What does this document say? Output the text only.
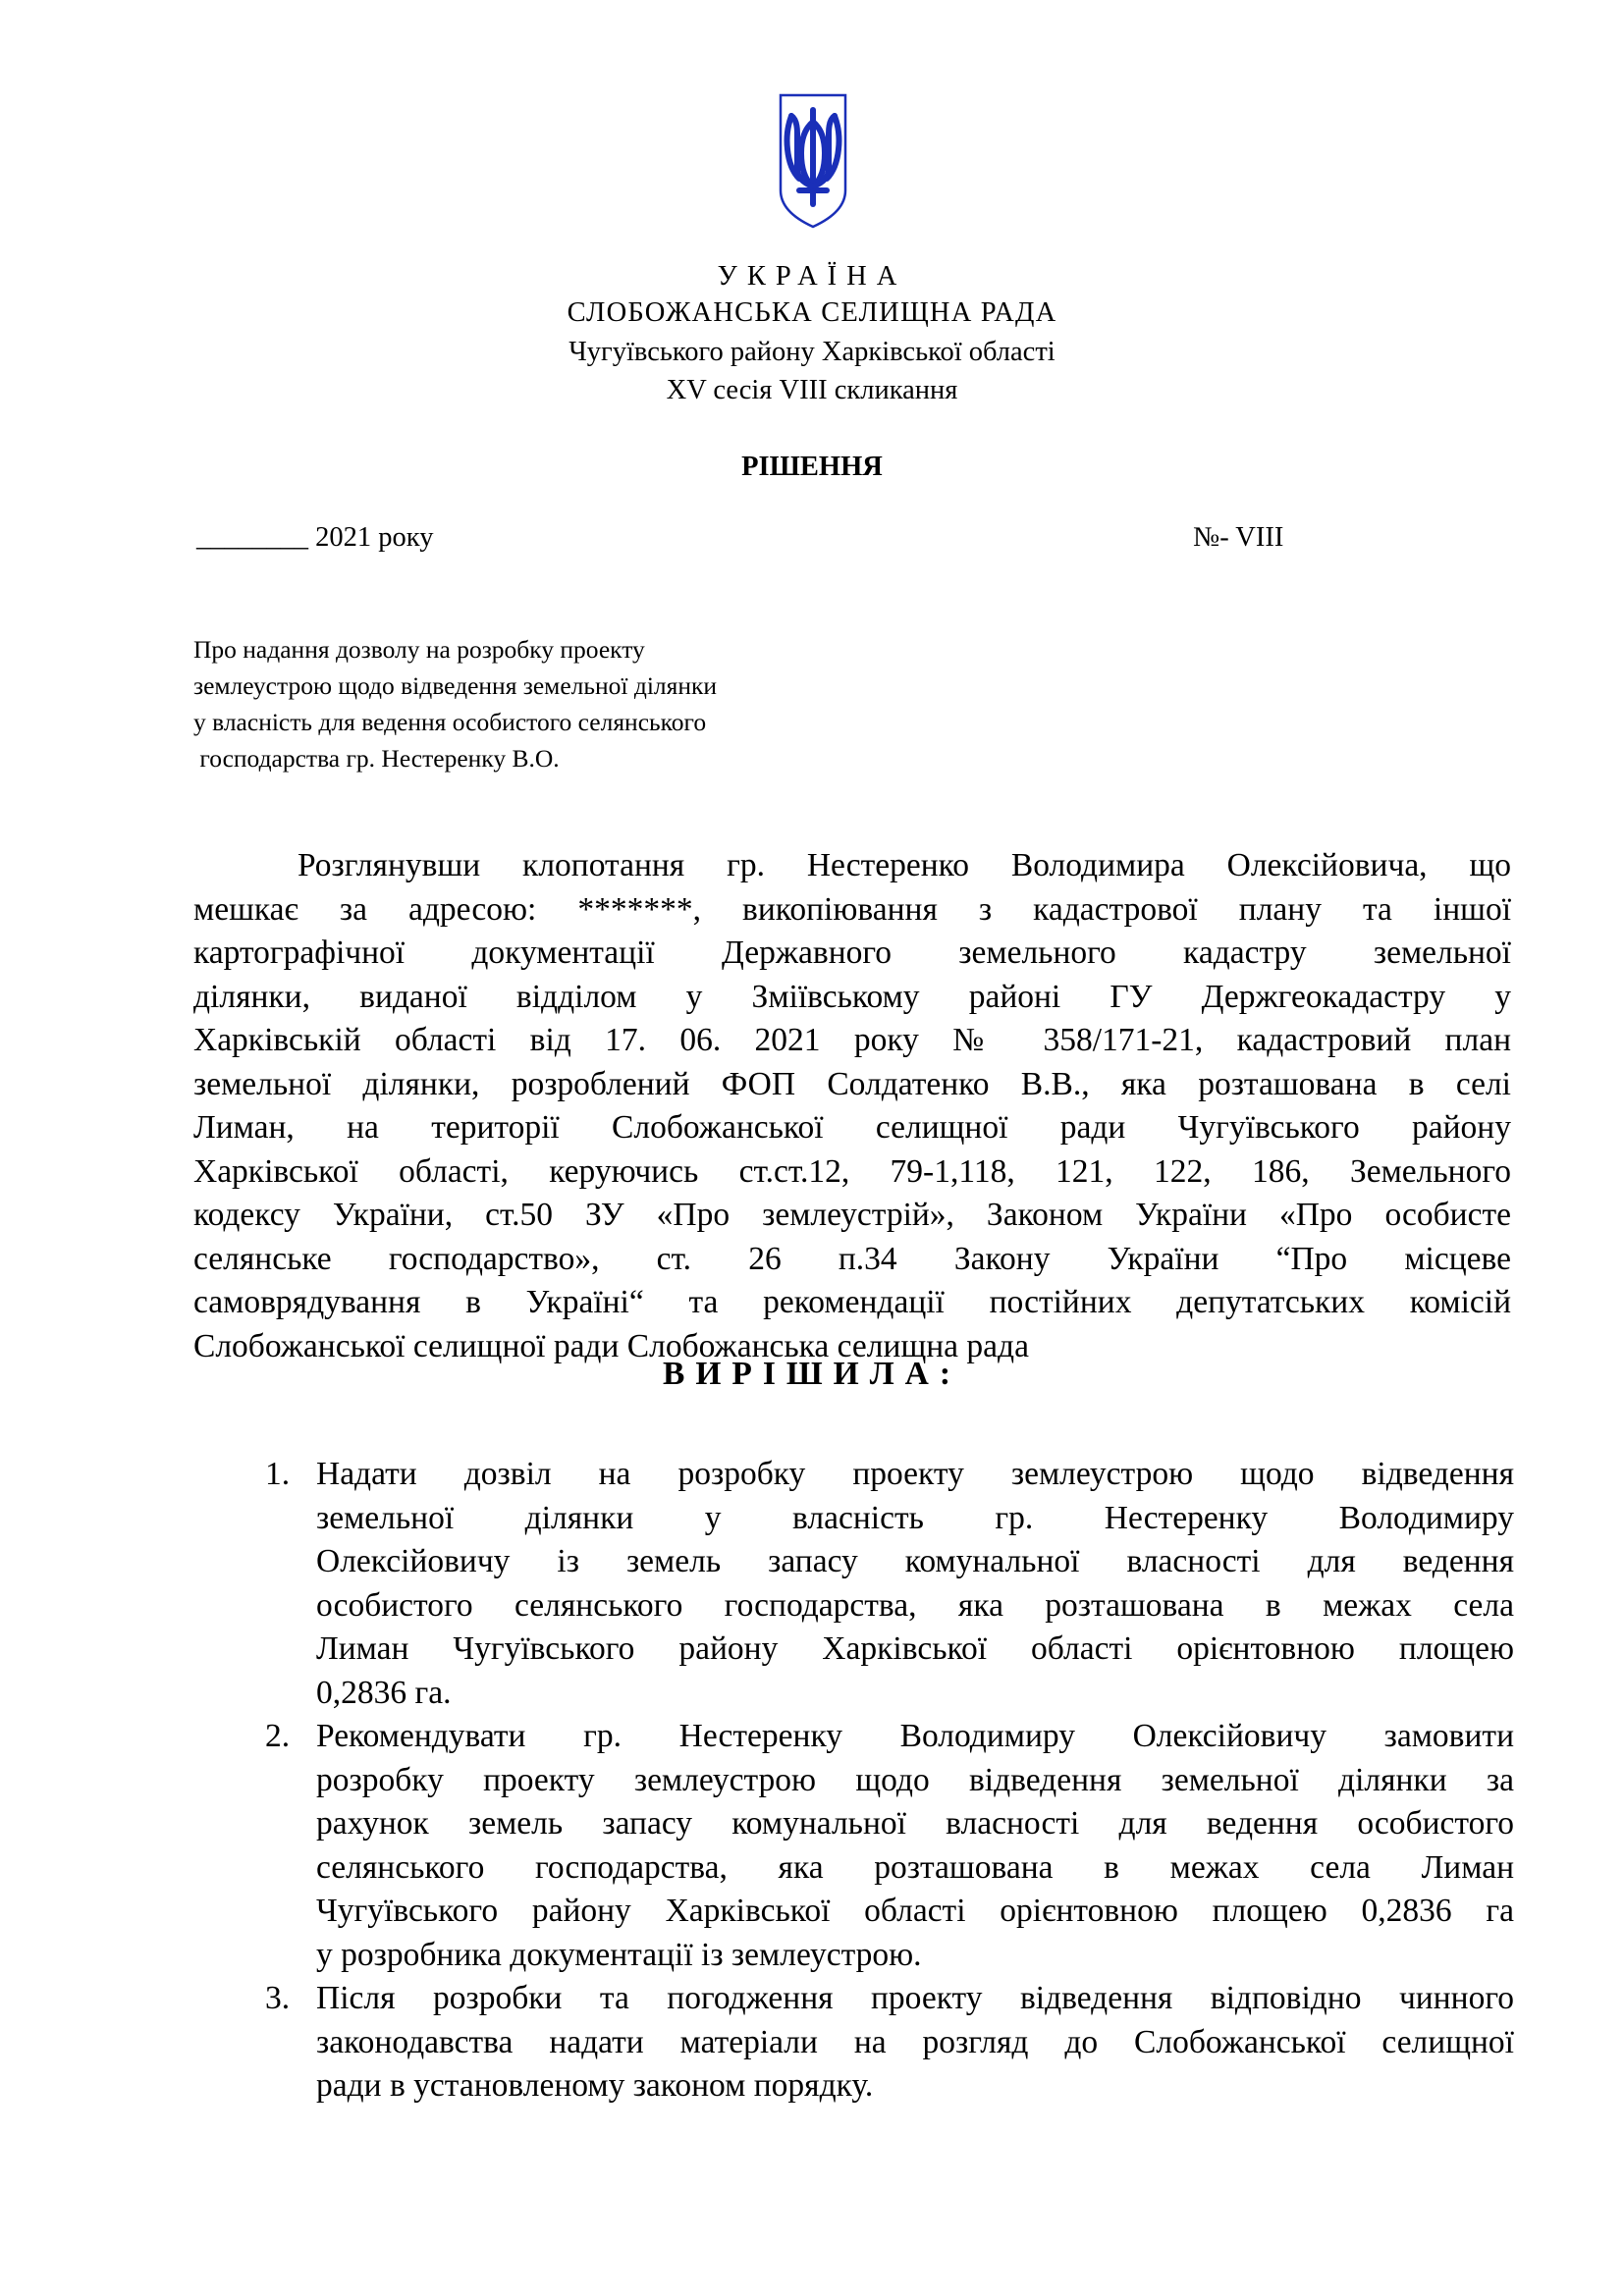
УКРАЇНА
СЛОБОЖАНСЬКА СЕЛИЩНА РАДА
Чугуївського району Харківської області
XV сесія VIII скликання
РІШЕННЯ
________ 2021 року	№- VIII
Про надання дозволу на розробку проекту
землеустрою щодо відведення земельної ділянки
у власність для ведення особистого селянського
господарства гр. Нестеренку В.О.
Розглянувши клопотання гр. Нестеренко Володимира Олексійовича, що
мешкає за адресою: *******, викопіювання з кадастрової плану та іншої
картографічної документації Державного земельного кадастру земельної
ділянки, виданої відділом у Зміївському районі ГУ Держгеокадастру у
Харківській області від 17. 06. 2021 року № 358/171-21, кадастровий план
земельної ділянки, розроблений ФОП Солдатенко В.В., яка розташована в селі
Лиман, на території Слобожанської селищної ради Чугуївського району
Харківської області, керуючись ст.ст.12, 79-1,118, 121, 122, 186, Земельного
кодексу України, ст.50 ЗУ «Про землеустрій», Законом України «Про особисте
селянське господарство», ст. 26 п.34 Закону України “Про місцеве
самоврядування в Україні“ та рекомендації постійних депутатських комісій
Слобожанської селищної ради Слобожанська селищна рада
ВИРІШИЛА:
1. Надати дозвіл на розробку проекту землеустрою щодо відведення
земельної ділянки у власність гр. Нестеренку Володимиру
Олексійовичу із земель запасу комунальної власності для ведення
особистого селянського господарства, яка розташована в межах села
Лиман Чугуївського району Харківської області орієнтовною площею
0,2836 га.
2. Рекомендувати гр. Нестеренку Володимиру Олексійовичу замовити
розробку проекту землеустрою щодо відведення земельної ділянки за
рахунок земель запасу комунальної власності для ведення особистого
селянського господарства, яка розташована в межах села Лиман
Чугуївського району Харківської області орієнтовною площею 0,2836 га
у розробника документації із землеустрою.
3. Після розробки та погодження проекту відведення відповідно чинного
законодавства надати матеріали на розгляд до Слобожанської селищної
ради в установленому законом порядку.
